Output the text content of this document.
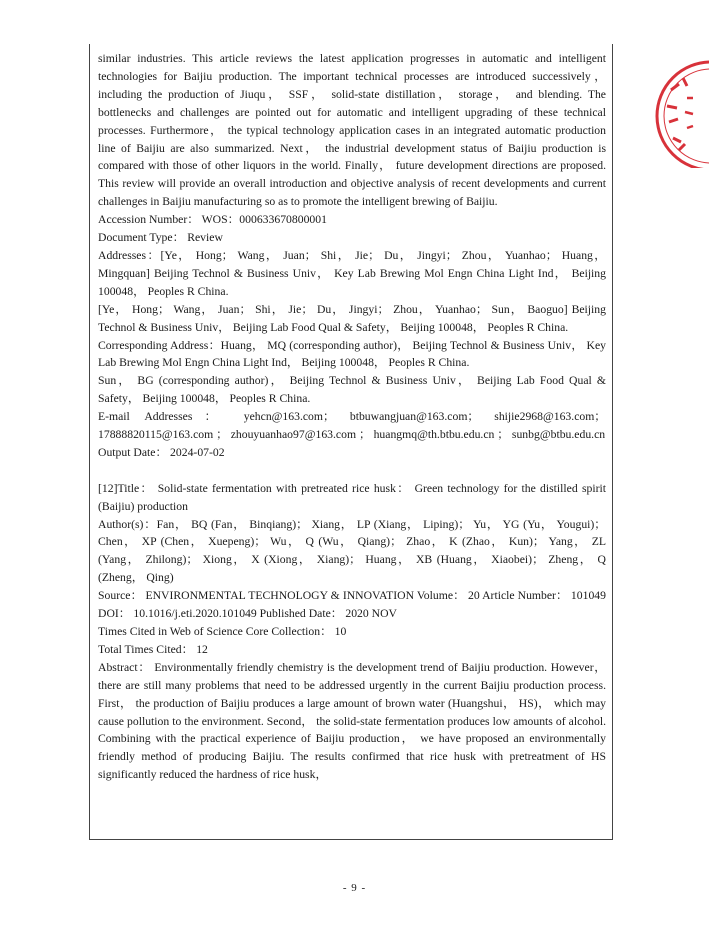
similar industries. This article reviews the latest application progresses in automatic and intelligent technologies for Baijiu production. The important technical processes are introduced successively， including the production of Jiuqu， SSF， solid-state distillation， storage， and blending. The bottlenecks and challenges are pointed out for automatic and intelligent upgrading of these technical processes. Furthermore， the typical technology application cases in an integrated automatic production line of Baijiu are also summarized. Next， the industrial development status of Baijiu production is compared with those of other liquors in the world. Finally， future development directions are proposed. This review will provide an overall introduction and objective analysis of recent developments and current challenges in Baijiu manufacturing so as to promote the intelligent brewing of Baijiu.

Accession Number： WOS：000633670800001

Document Type： Review

Addresses：[Ye， Hong； Wang， Juan； Shi， Jie； Du， Jingyi； Zhou， Yuanhao； Huang， Mingquan] Beijing Technol & Business Univ， Key Lab Brewing Mol Engn China Light Ind， Beijing 100048， Peoples R China.

[Ye， Hong； Wang， Juan； Shi， Jie； Du， Jingyi； Zhou， Yuanhao； Sun， Baoguo] Beijing Technol & Business Univ， Beijing Lab Food Qual & Safety， Beijing 100048， Peoples R China.

Corresponding Address：Huang， MQ (corresponding author)， Beijing Technol & Business Univ， Key Lab Brewing Mol Engn China Light Ind， Beijing 100048， Peoples R China.

Sun， BG (corresponding author)， Beijing Technol & Business Univ， Beijing Lab Food Qual & Safety， Beijing 100048， Peoples R China.

E-mail Addresses： yehcn@163.com； btbuwangjuan@163.com； shijie2968@163.com； 17888820115@163.com ； zhouyuanhao97@163.com ； huangmq@th.btbu.edu.cn ； sunbg@btbu.edu.cn

Output Date： 2024-07-02

[12]Title： Solid-state fermentation with pretreated rice husk： Green technology for the distilled spirit (Baijiu) production

Author(s)：Fan， BQ (Fan， Binqiang)； Xiang， LP (Xiang， Liping)； Yu， YG (Yu， Yougui)； Chen， XP (Chen， Xuepeng)； Wu， Q (Wu， Qiang)； Zhao， K (Zhao， Kun)； Yang， ZL (Yang， Zhilong)； Xiong， X (Xiong， Xiang)； Huang， XB (Huang， Xiaobei)； Zheng， Q (Zheng， Qing)

Source： ENVIRONMENTAL TECHNOLOGY & INNOVATION Volume： 20 Article Number： 101049 DOI： 10.1016/j.eti.2020.101049 Published Date： 2020 NOV

Times Cited in Web of Science Core Collection： 10

Total Times Cited： 12

Abstract： Environmentally friendly chemistry is the development trend of Baijiu production. However， there are still many problems that need to be addressed urgently in the current Baijiu production process. First， the production of Baijiu produces a large amount of brown water (Huangshui， HS)， which may cause pollution to the environment. Second， the solid-state fermentation produces low amounts of alcohol. Combining with the practical experience of Baijiu production， we have proposed an environmentally friendly method of producing Baijiu. The results confirmed that rice husk with pretreatment of HS significantly reduced the hardness of rice husk，

- 9 -
